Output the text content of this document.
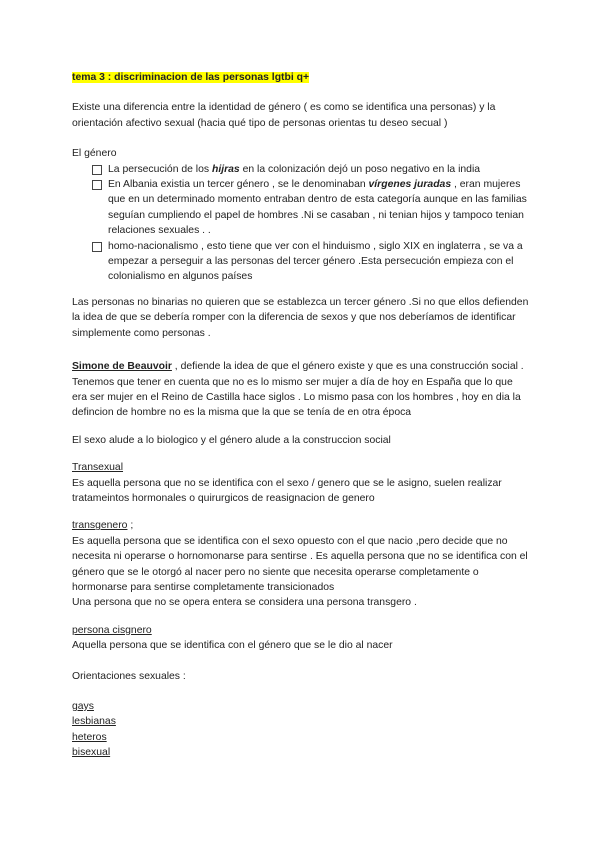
tema 3 : discriminacion de las personas lgtbi q+

Existe una diferencia entre la identidad de género ( es como se identifica una personas) y la orientación afectivo sexual (hacia qué tipo de personas orientas tu deseo secual )

El género

La persecución de los hijras en la colonización dejó un poso negativo en la india
En Albania existia un tercer género , se le denominaban vírgenes juradas , eran mujeres que en un determinado momento entraban dentro de esta categoría aunque en las familias seguían cumpliendo el papel de hombres .Ni se casaban , ni tenian hijos y tampoco tenian relaciones sexuales . .
homo-nacionalismo , esto tiene que ver con el hinduismo , siglo XIX en inglaterra , se va a empezar a perseguir a las personas del tercer género .Esta persecución empieza con el colonialismo en algunos países

Las personas no binarias no quieren que se establezca un tercer género .Si no que ellos defienden la idea de que se debería romper con la diferencia de sexos y que nos deberíamos de identificar simplemente como personas .

Simone de Beauvoir , defiende la idea de que el género existe y que es una construcción social .

Tenemos que tener en cuenta que no es lo mismo ser mujer a día de hoy en España que lo que era ser mujer en el Reino de Castilla hace siglos . Lo mismo pasa con los hombres , hoy en dia la defincion de hombre no es la misma que la que se tenía de en otra época

El sexo alude a lo biologico y el género alude a la construccion social

Transexual

Es aquella persona que no se identifica con el sexo / genero que se le asigno, suelen realizar tratameintos hormonales o quirurgicos de reasignacion de genero

transgenero ;

Es aquella persona que se identifica con el sexo opuesto con el que nacio ,pero decide que no necesita ni operarse o hornomonarse para sentirse . Es aquella persona que no se identifica con el género que se le otorgó al nacer pero no siente que necesita operarse completamente o hormonarse para sentirse completamente transicionados

Una persona que no se opera entera se considera una persona transgero .

persona cisgnero

Aquella persona que se identifica con el género que se le dio al nacer

Orientaciones sexuales :

gays

lesbianas

heteros

bisexual
